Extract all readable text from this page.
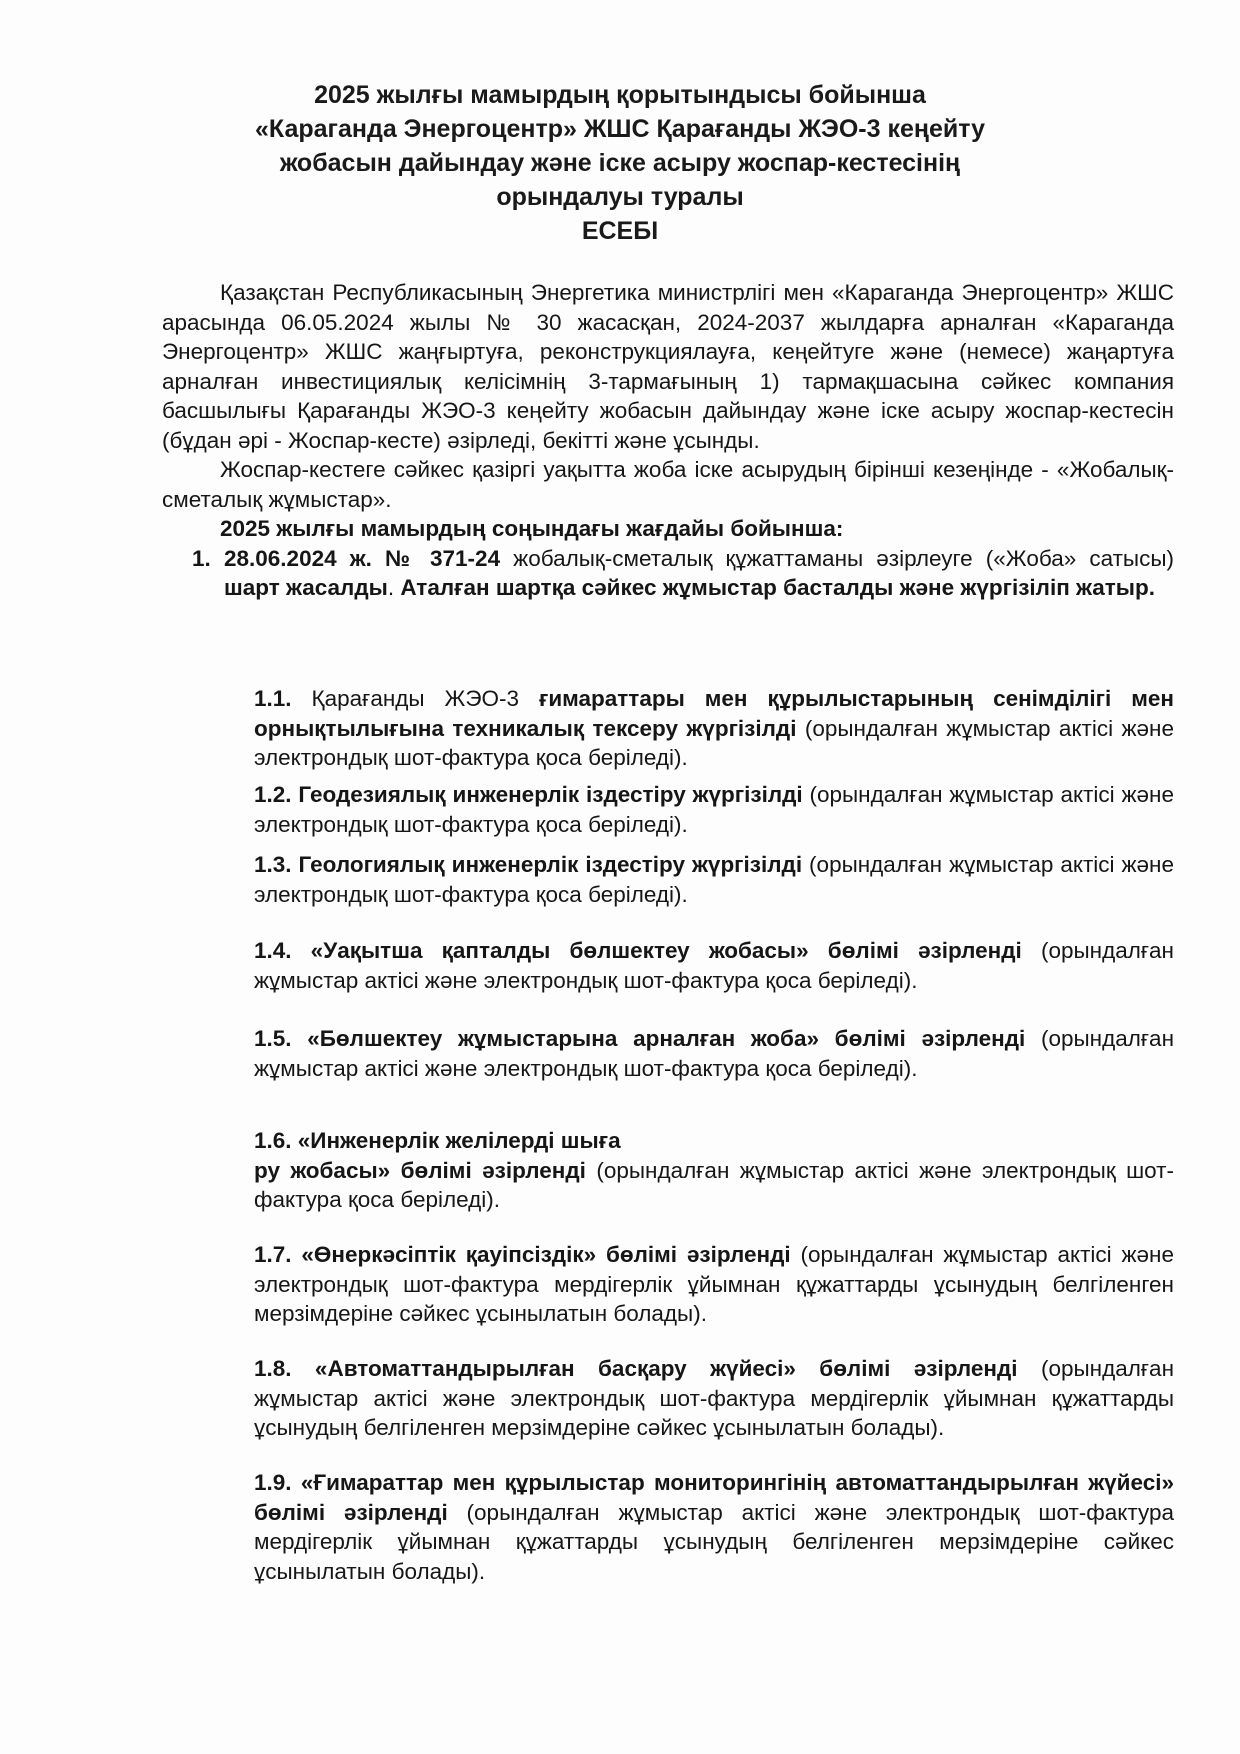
2025 жылғы мамырдың қорытындысы бойынша
«Караганда Энергоцентр» ЖШС Қарағанды ЖЭО-3 кеңейту
жобасын дайындау және іске асыру жоспар-кестесінің
орындалуы туралы
ЕСЕБІ

Қазақстан Республикасының Энергетика министрлігі мен «Караганда Энергоцентр» ЖШС арасында 06.05.2024 жылы № 30 жасасқан, 2024-2037 жылдарға арналған «Караганда Энергоцентр» ЖШС жаңғыртуға, реконструкциялауға, кеңейтуге және (немесе) жаңартуға арналған инвестициялық келісімнің 3-тармағының 1) тармақшасына сәйкес компания басшылығы Қарағанды ЖЭО-3 кеңейту жобасын дайындау және іске асыру жоспар-кестесін (бұдан әрі - Жоспар-кесте) әзірледі, бекітті және ұсынды.

Жоспар-кестеге сәйкес қазіргі уақытта жоба іске асырудың бірінші кезеңінде - «Жобалық-сметалық жұмыстар».

2025 жылғы мамырдың соңындағы жағдайы бойынша:

1. 28.06.2024 ж. № 371-24 жобалық-сметалық құжаттаманы әзірлеуге («Жоба» сатысы) шарт жасалды. Аталған шартқа сәйкес жұмыстар басталды және жүргізіліп жатыр.

1.1. Қарағанды ЖЭО-3 ғимараттары мен құрылыстарының сенімділігі мен орнықтылығына техникалық тексеру жүргізілді (орындалған жұмыстар актісі және электрондық шот-фактура қоса беріледі).

1.2. Геодезиялық инженерлік іздестіру жүргізілді (орындалған жұмыстар актісі және электрондық шот-фактура қоса беріледі).

1.3. Геологиялық инженерлік іздестіру жүргізілді (орындалған жұмыстар актісі және электрондық шот-фактура қоса беріледі).

1.4. «Уақытша қапталды бөлшектеу жобасы» бөлімі әзірленді (орындалған жұмыстар актісі және электрондық шот-фактура қоса беріледі).

1.5. «Бөлшектеу жұмыстарына арналған жоба» бөлімі әзірленді (орындалған жұмыстар актісі және электрондық шот-фактура қоса беріледі).

1.6. «Инженерлік желілерді шыға
ру жобасы» бөлімі әзірленді (орындалған жұмыстар актісі және электрондық шот-фактура қоса беріледі).

1.7. «Өнеркәсіптік қауіпсіздік» бөлімі әзірленді (орындалған жұмыстар актісі және электрондық шот-фактура мердігерлік ұйымнан құжаттарды ұсынудың белгіленген мерзімдеріне сәйкес ұсынылатын болады).

1.8. «Автоматтандырылған басқару жүйесі» бөлімі әзірленді (орындалған жұмыстар актісі және электрондық шот-фактура мердігерлік ұйымнан құжаттарды ұсынудың белгіленген мерзімдеріне сәйкес ұсынылатын болады).

1.9. «Ғимараттар мен құрылыстар мониторингінің автоматтандырылған жүйесі» бөлімі әзірленді (орындалған жұмыстар актісі және электрондық шот-фактура мердігерлік ұйымнан құжаттарды ұсынудың белгіленген мерзімдеріне сәйкес ұсынылатын болады).
